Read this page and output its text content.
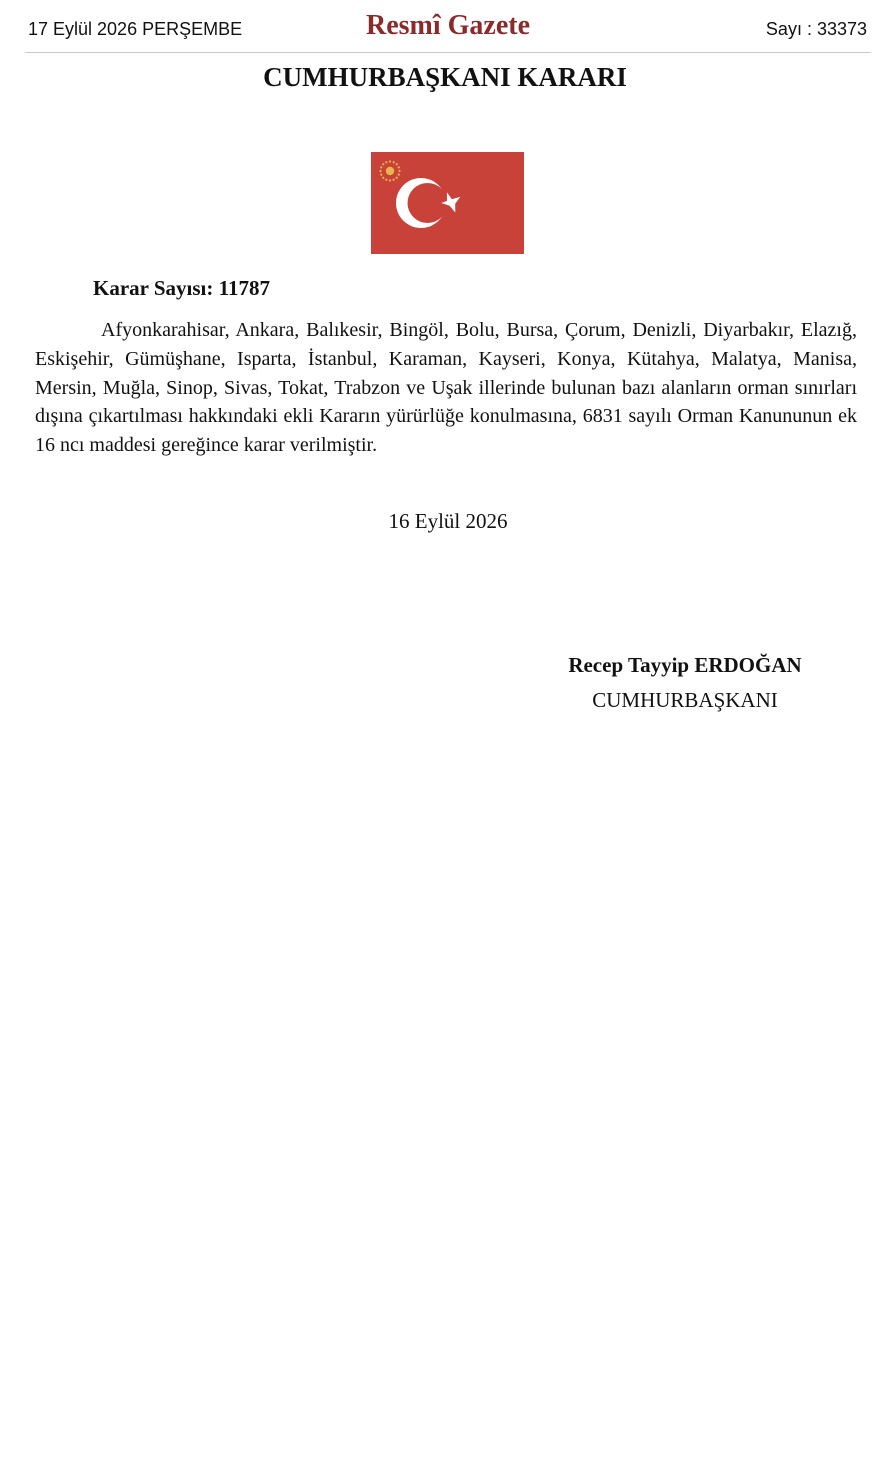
17 Eylül 2026 PERŞEMBE	Resmî Gazete	Sayı : 33373
CUMHURBAŞKANI KARARI
Karar Sayısı: 11787

Afyonkarahisar, Ankara, Balıkesir, Bingöl, Bolu, Bursa, Çorum, Denizli, Diyarbakır, Elazığ, Eskişehir, Gümüşhane, Isparta, İstanbul, Karaman, Kayseri, Konya, Kütahya, Malatya, Manisa, Mersin, Muğla, Sinop, Sivas, Tokat, Trabzon ve Uşak illerinde bulunan bazı alanların orman sınırları dışına çıkartılması hakkındaki ekli Kararın yürürlüğe konulmasına, 6831 sayılı Orman Kanununun ek 16 ncı maddesi gereğince karar verilmiştir.

16 Eylül 2026
Recep Tayyip ERDOĞAN
CUMHURBAŞKANI
